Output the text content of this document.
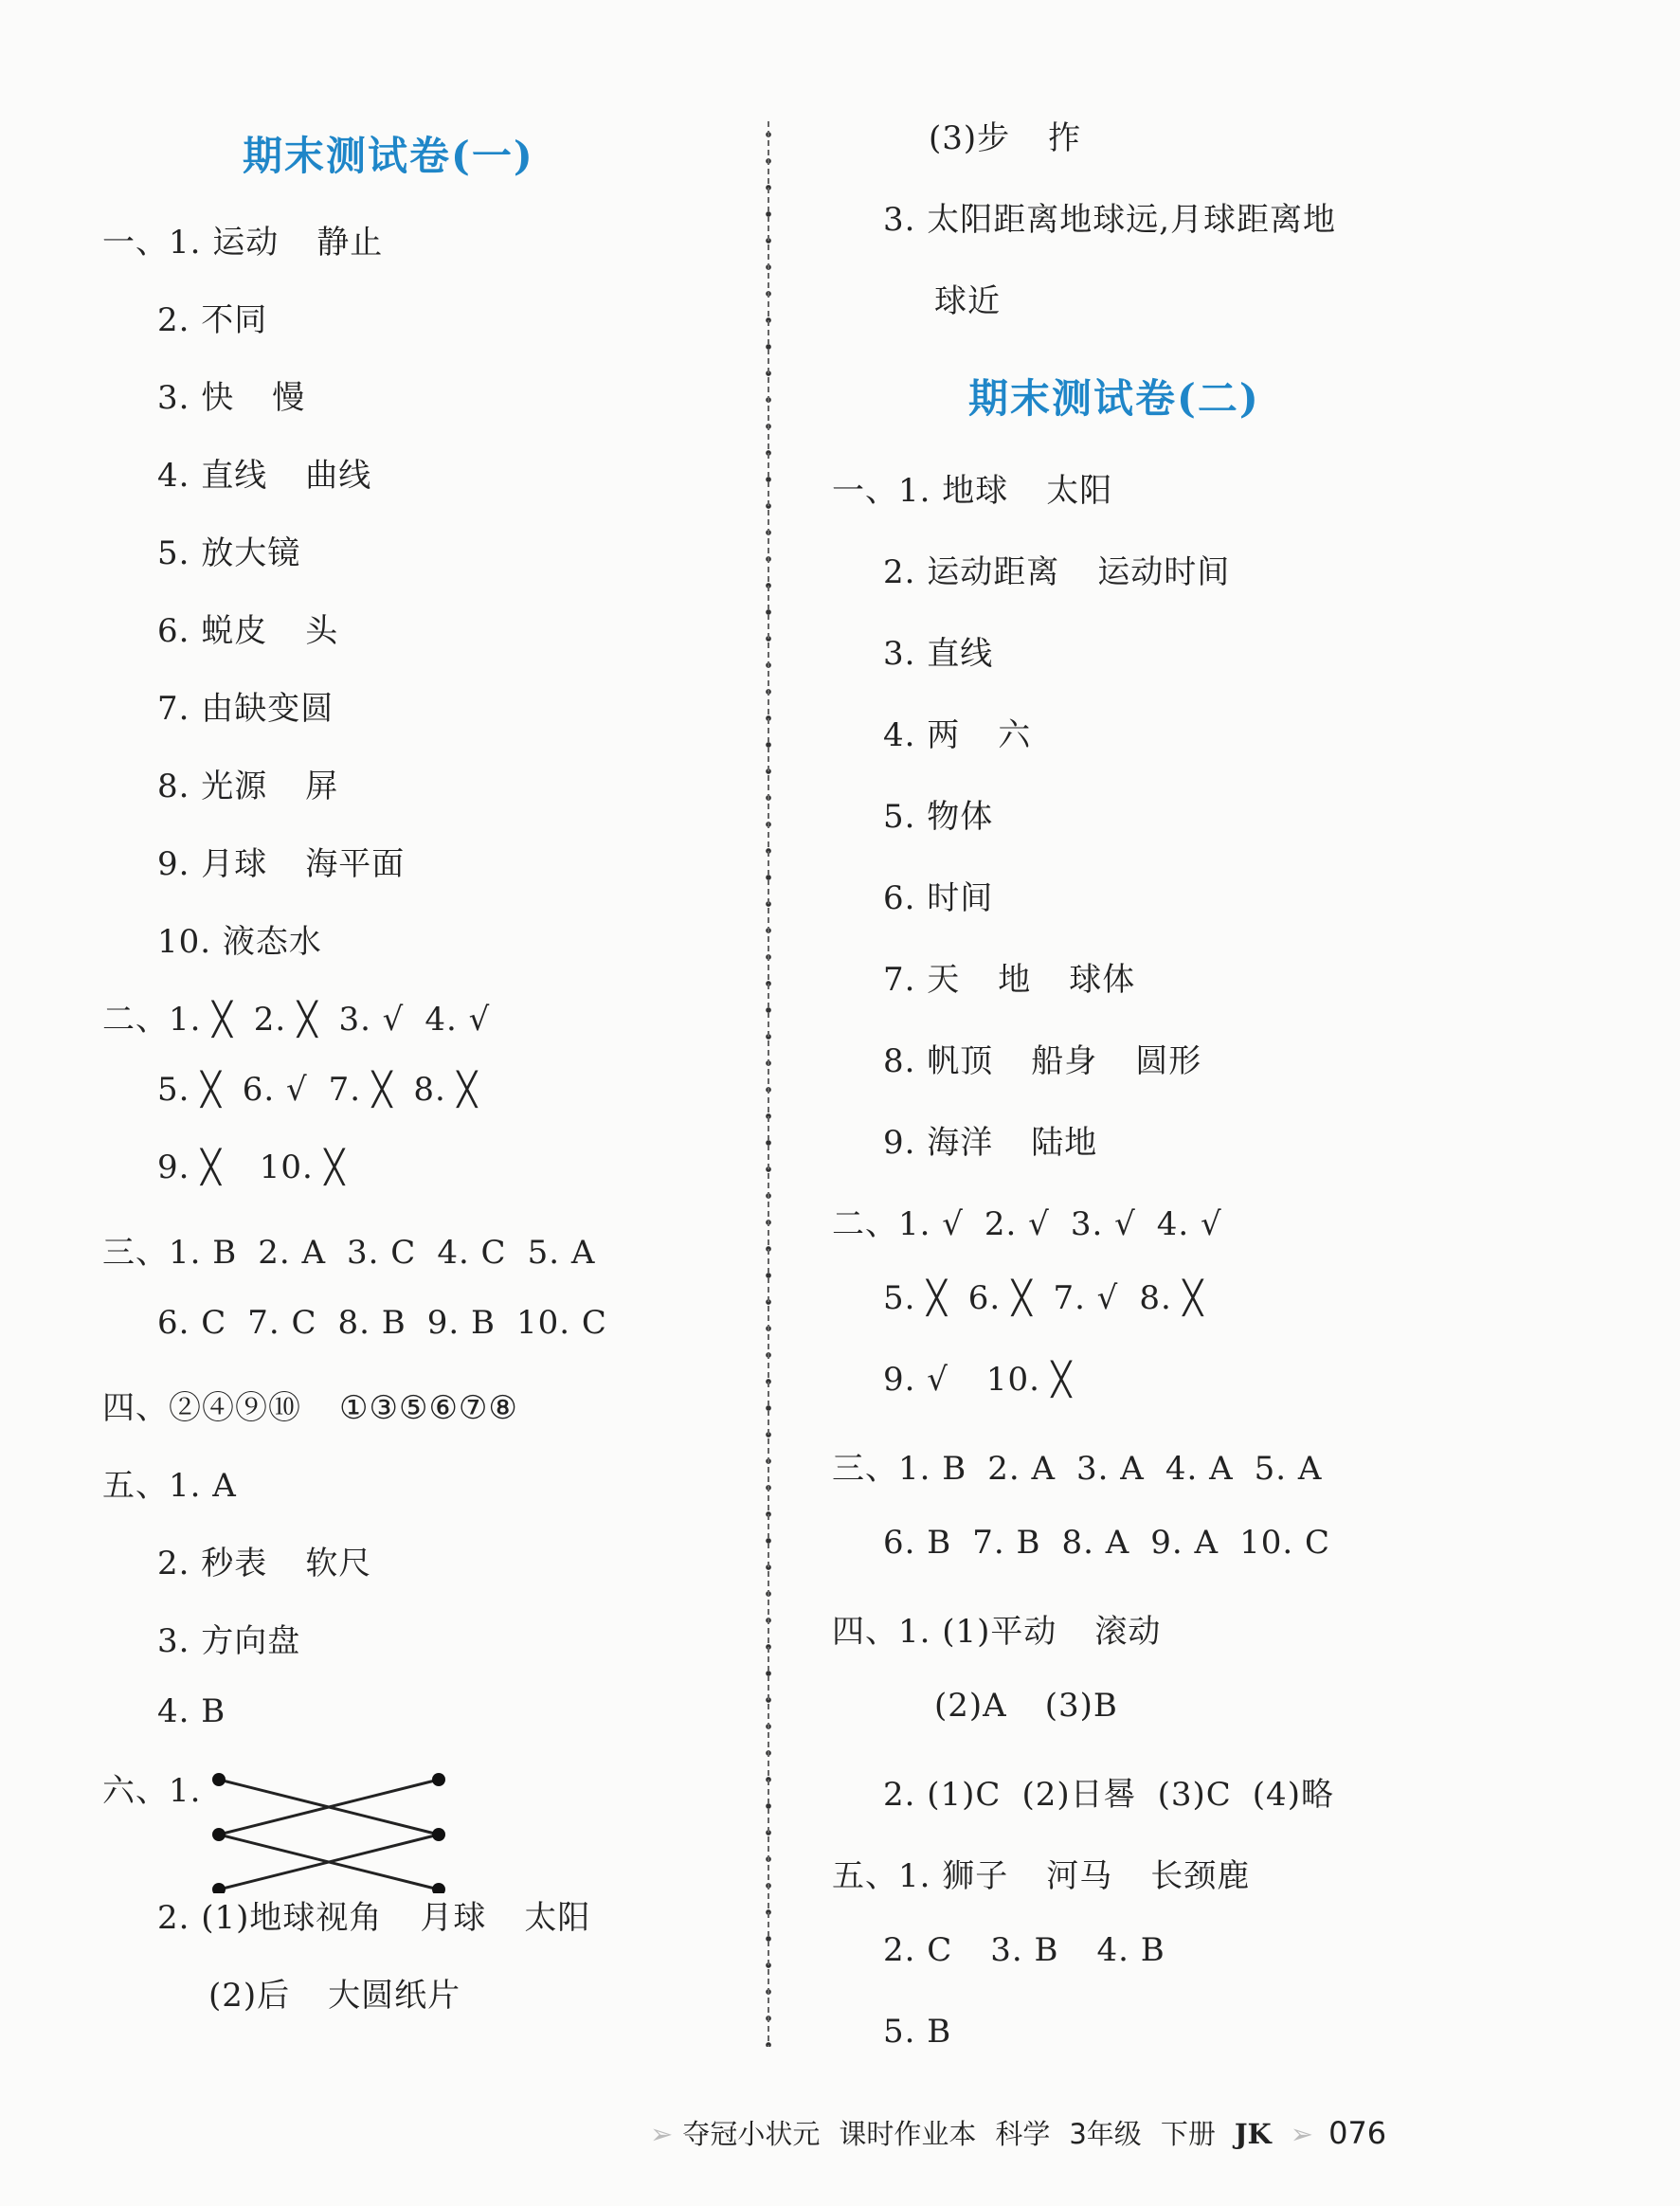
期末测试卷(一)
一、1. 运动 静止
2. 不同
3. 快 慢
4. 直线 曲线
5. 放大镜
6. 蜕皮 头
7. 由缺变圆
8. 光源 屏
9. 月球 海平面
10. 液态水
二、1. ╳ 2. ╳ 3. √ 4. √
5. ╳ 6. √ 7. ╳ 8. ╳
9. ╳ 10. ╳
三、1. B 2. A 3. C 4. C 5. A
6. C 7. C 8. B 9. B 10. C
四、②④⑨⑩ ①③⑤⑥⑦⑧
五、1. A
2. 秒表 软尺
3. 方向盘
4. B
六、1.
2. (1)地球视角 月球 太阳
(2)后 大圆纸片
期末测试卷(二)
(3)步 拃
3. 太阳距离地球远,月球距离地
球近
一、1. 地球 太阳
2. 运动距离 运动时间
3. 直线
4. 两 六
5. 物体
6. 时间
7. 天 地 球体
8. 帆顶 船身 圆形
9. 海洋 陆地
二、1. √ 2. √ 3. √ 4. √
5. ╳ 6. ╳ 7. √ 8. ╳
9. √ 10. ╳
三、1. B 2. A 3. A 4. A 5. A
6. B 7. B 8. A 9. A 10. C
四、1. (1)平动 滚动
(2)A (3)B
2. (1)C (2)日晷 (3)C (4)略
五、1. 狮子 河马 长颈鹿
2. C 3. B 4. B
5. B
➢ 夺冠小状元 课时作业本 科学 3年级 下册 JK ➢ 076
